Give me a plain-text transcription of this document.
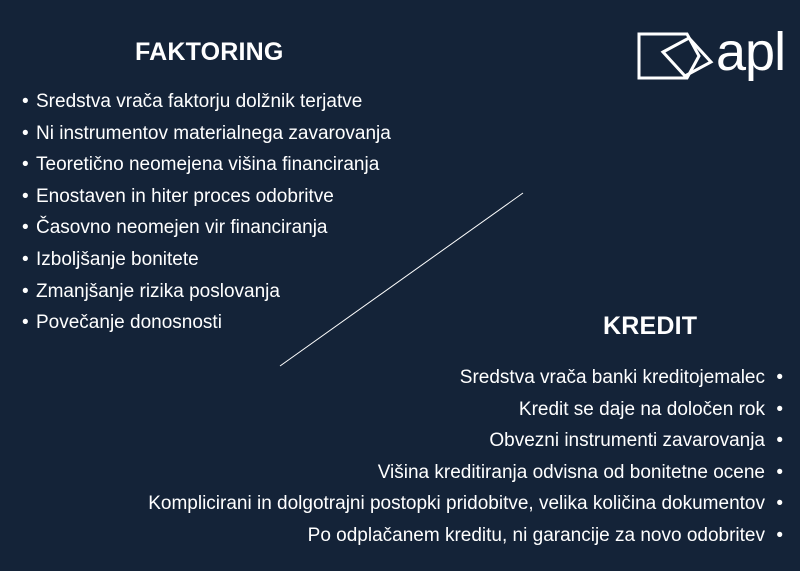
FAKTORING
• Sredstva vrača faktorju dolžnik terjatve
• Ni instrumentov materialnega zavarovanja
• Teoretično neomejena višina financiranja
• Enostaven in hiter proces odobritve
• Časovno neomejen vir financiranja
• Izboljšanje bonitete
• Zmanjšanje rizika poslovanja
• Povečanje donosnosti	KREDIT
Sredstva vrača banki kreditojemalec •
Kredit se daje na določen rok •
Obvezni instrumenti zavarovanja •
Višina kreditiranja odvisna od bonitetne ocene •
Komplicirani in dolgotrajni postopki pridobitve, velika količina dokumentov •
Po odplačanem kreditu, ni garancije za novo odobritev •
apl
